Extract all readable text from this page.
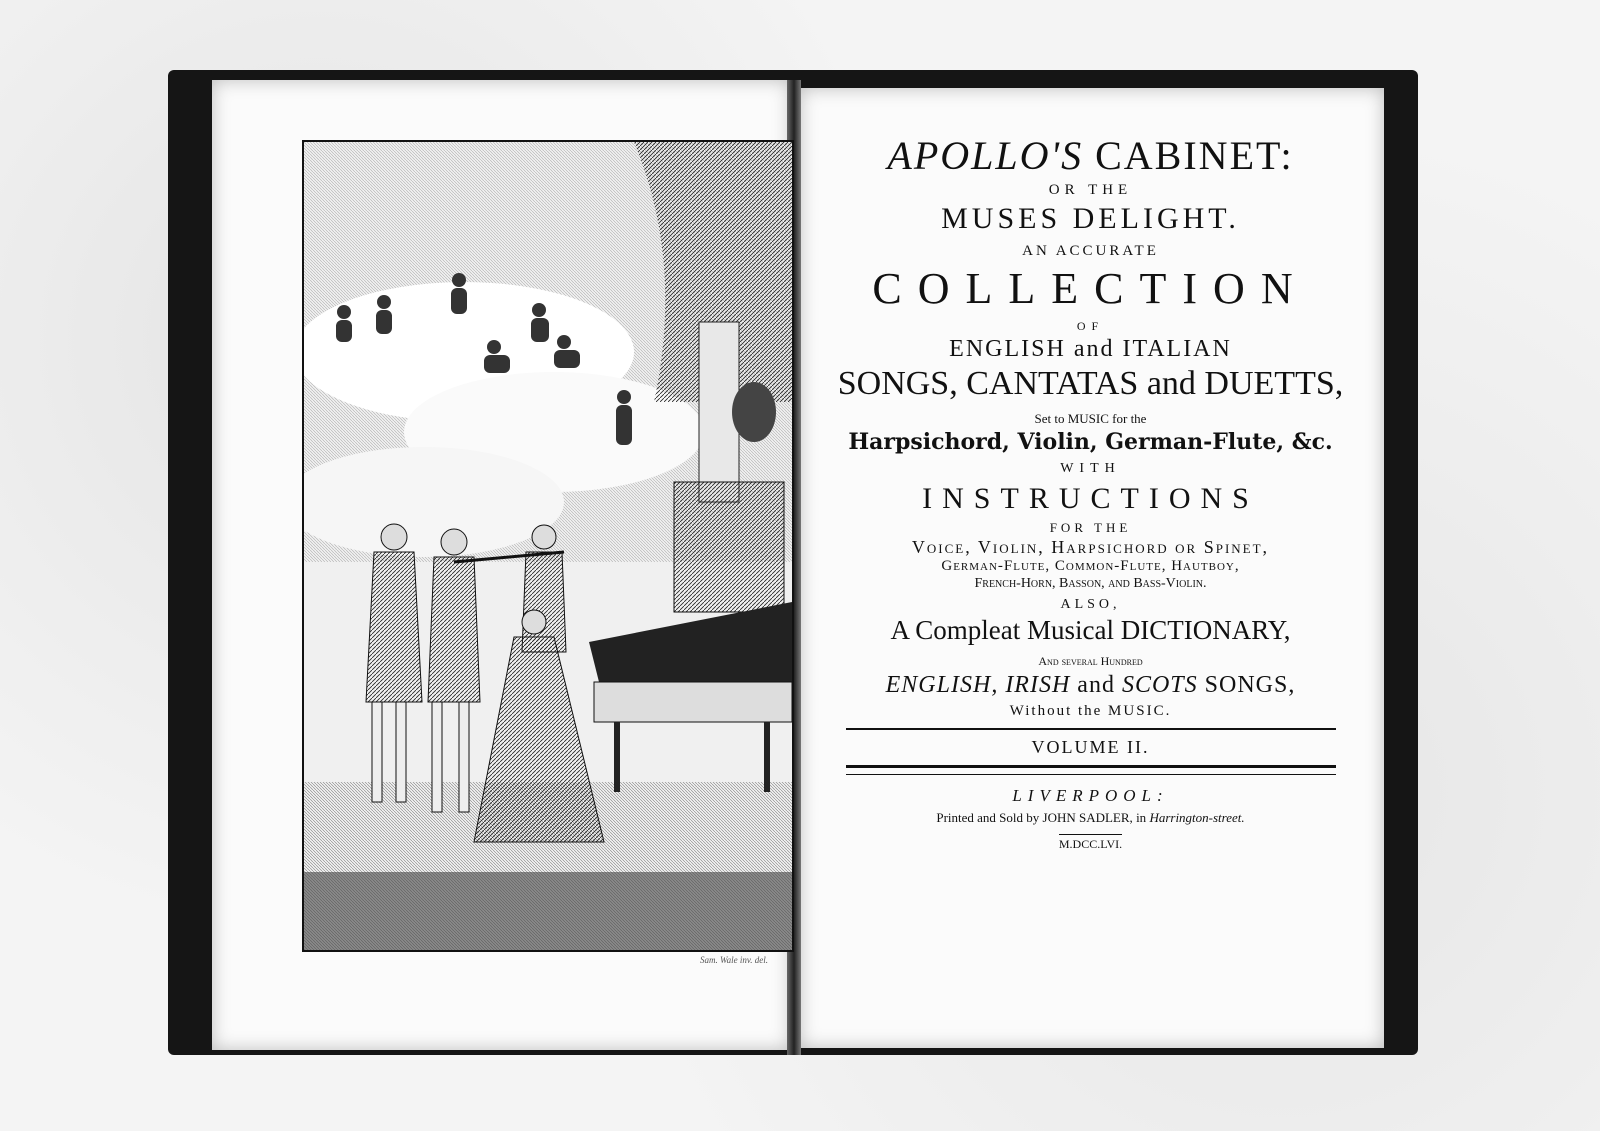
Sam. Wale inv. del.
APOLLO'S CABINET:
OR THE
MUSES DELIGHT.
AN ACCURATE
COLLECTION
OF
ENGLISH and ITALIAN
SONGS, CANTATAS and DUETTS,
Set to MUSIC for the
Harpsichord, Violin, German-Flute, &c.
WITH
INSTRUCTIONS
FOR THE
Voice, Violin, Harpsichord or Spinet,
German-Flute, Common-Flute, Hautboy,
French-Horn, Basson, and Bass-Violin.
ALSO,
A Compleat Musical DICTIONARY,
And several Hundred
ENGLISH, IRISH and SCOTS SONGS,
Without the MUSIC.
VOLUME II.
LIVERPOOL:
Printed and Sold by JOHN SADLER, in Harrington-street.
M.DCC.LVI.
